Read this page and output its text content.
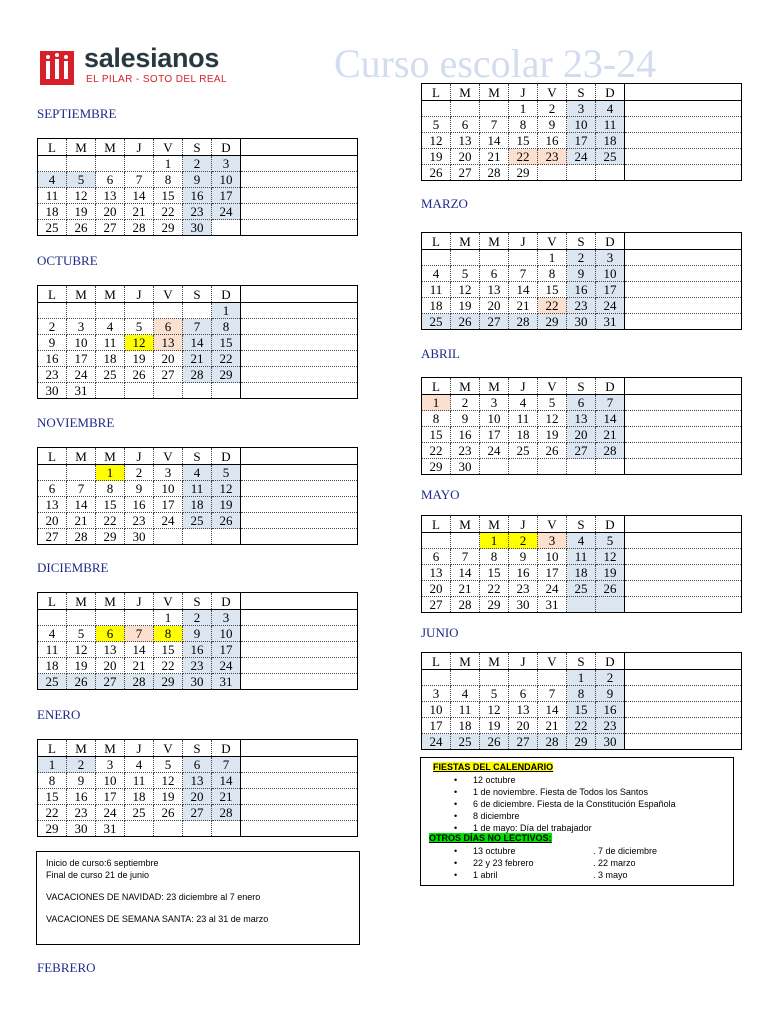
salesianos
EL PILAR - SOTO DEL REAL	Curso escolar 23-24
SEPTIEMBRE
OCTUBRE
NOVIEMBRE
DICIEMBRE
ENERO
FEBRERO
MARZO
ABRIL
MAYO
JUNIO
L	M	M	J	V	S	D	
				1	2	3	
4	5	6	7	8	9	10	
11	12	13	14	15	16	17	
18	19	20	21	22	23	24	
25	26	27	28	29	30		
L	M	M	J	V	S	D	
						1	
2	3	4	5	6	7	8	
9	10	11	12	13	14	15	
16	17	18	19	20	21	22	
23	24	25	26	27	28	29	
30	31						
L	M	M	J	V	S	D	
		1	2	3	4	5	
6	7	8	9	10	11	12	
13	14	15	16	17	18	19	
20	21	22	23	24	25	26	
27	28	29	30				
L	M	M	J	V	S	D	
				1	2	3	
4	5	6	7	8	9	10	
11	12	13	14	15	16	17	
18	19	20	21	22	23	24	
25	26	27	28	29	30	31	
L	M	M	J	V	S	D	
1	2	3	4	5	6	7	
8	9	10	11	12	13	14	
15	16	17	18	19	20	21	
22	23	24	25	26	27	28	
29	30	31					
L	M	M	J	V	S	D	
			1	2	3	4	
5	6	7	8	9	10	11	
12	13	14	15	16	17	18	
19	20	21	22	23	24	25	
26	27	28	29				
L	M	M	J	V	S	D	
				1	2	3	
4	5	6	7	8	9	10	
11	12	13	14	15	16	17	
18	19	20	21	22	23	24	
25	26	27	28	29	30	31	
L	M	M	J	V	S	D	
1	2	3	4	5	6	7	
8	9	10	11	12	13	14	
15	16	17	18	19	20	21	
22	23	24	25	26	27	28	
29	30						
L	M	M	J	V	S	D	
		1	2	3	4	5	
6	7	8	9	10	11	12	
13	14	15	16	17	18	19	
20	21	22	23	24	25	26	
27	28	29	30	31			
L	M	M	J	V	S	D	
					1	2	
3	4	5	6	7	8	9	
10	11	12	13	14	15	16	
17	18	19	20	21	22	23	
24	25	26	27	28	29	30	
Inicio de curso:6 septiembre
Final de curso 21 de junio
VACACIONES DE NAVIDAD: 23 diciembre al 7 enero
VACACIONES DE SEMANA SANTA: 23 al 31 de marzo
FIESTAS DEL CALENDARIO
• 12 octubre
• 1 de noviembre. Fiesta de Todos los Santos
• 6 de diciembre. Fiesta de la Constitución Española
• 8 diciembre
• 1 de mayo: Día del trabajador
OTROS DÍAS NO LECTIVOS:
• 13 octubre	. 7 de diciembre
• 22 y 23 febrero	. 22 marzo
• 1 abril	. 3 mayo
